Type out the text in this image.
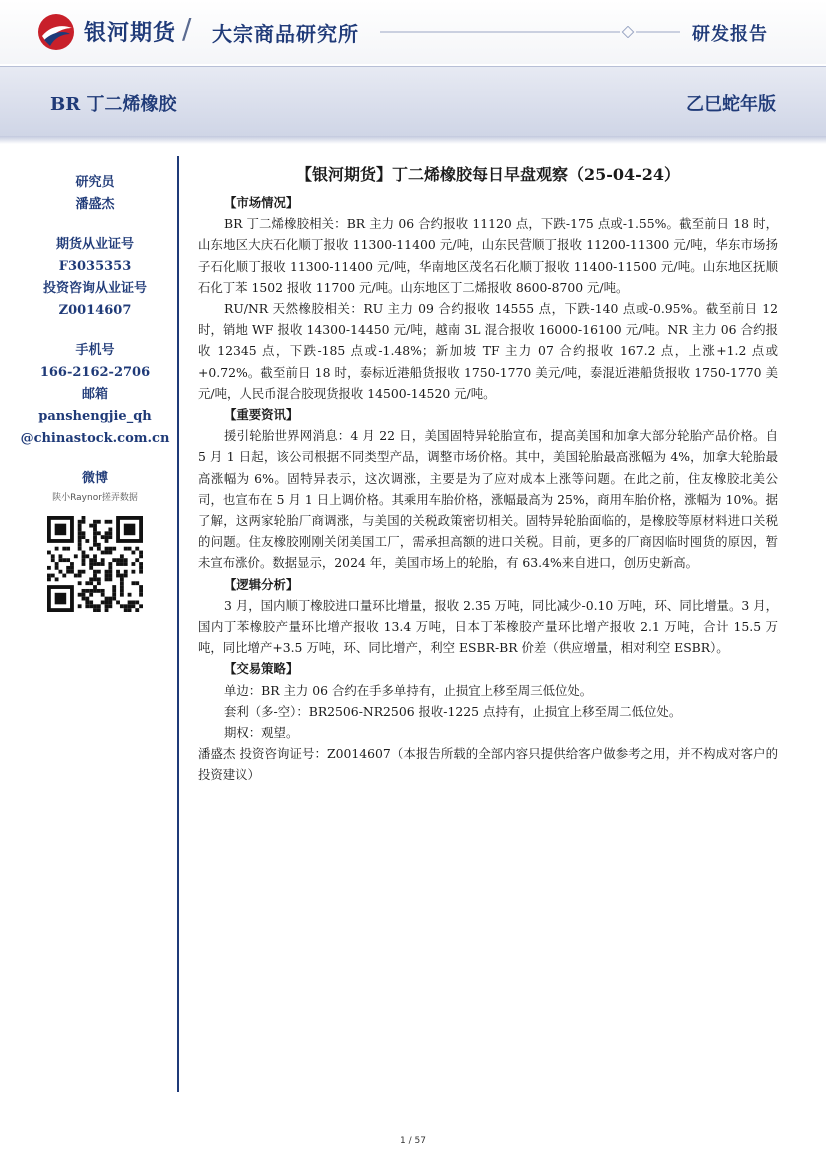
银河期货 / 大宗商品研究所	研发报告
BR 丁二烯橡胶	乙巳蛇年版
研究员
潘盛杰
期货从业证号
F3035353
投资咨询从业证号
Z0014607
手机号
166-2162-2706
邮箱
panshengjie_qh
@chinastock.com.cn
微博
陕小Raynor搓弄数据
【银河期货】丁二烯橡胶每日早盘观察（25-04-24）
【市场情况】

BR 丁二烯橡胶相关：BR 主力 06 合约报收 11120 点，下跌-175 点或-1.55%。截至前日 18 时，山东地区大庆石化顺丁报收 11300-11400 元/吨，山东民营顺丁报收 11200-11300 元/吨，华东市场扬子石化顺丁报收 11300-11400 元/吨，华南地区茂名石化顺丁报收 11400-11500 元/吨。山东地区抚顺石化丁苯 1502 报收 11700 元/吨。山东地区丁二烯报收 8600-8700 元/吨。

RU/NR 天然橡胶相关：RU 主力 09 合约报收 14555 点，下跌-140 点或-0.95%。截至前日 12 时，销地 WF 报收 14300-14450 元/吨，越南 3L 混合报收 16000-16100 元/吨。NR 主力 06 合约报收 12345 点，下跌-185 点或-1.48%；新加坡 TF 主力 07 合约报收 167.2 点，上涨+1.2 点或+0.72%。截至前日 18 时，泰标近港船货报收 1750-1770 美元/吨，泰混近港船货报收 1750-1770 美元/吨，人民币混合胶现货报收 14500-14520 元/吨。

【重要资讯】

援引轮胎世界网消息：4 月 22 日，美国固特异轮胎宣布，提高美国和加拿大部分轮胎产品价格。自 5 月 1 日起，该公司根据不同类型产品，调整市场价格。其中，美国轮胎最高涨幅为 4%，加拿大轮胎最高涨幅为 6%。固特异表示，这次调涨，主要是为了应对成本上涨等问题。在此之前，住友橡胶北美公司，也宣布在 5 月 1 日上调价格。其乘用车胎价格，涨幅最高为 25%，商用车胎价格，涨幅为 10%。据了解，这两家轮胎厂商调涨，与美国的关税政策密切相关。固特异轮胎面临的，是橡胶等原材料进口关税的问题。住友橡胶刚刚关闭美国工厂，需承担高额的进口关税。目前，更多的厂商因临时囤货的原因，暂未宣布涨价。数据显示，2024 年，美国市场上的轮胎，有 63.4%来自进口，创历史新高。

【逻辑分析】

3 月，国内顺丁橡胶进口量环比增量，报收 2.35 万吨，同比减少-0.10 万吨，环、同比增量。3 月，国内丁苯橡胶产量环比增产报收 13.4 万吨，日本丁苯橡胶产量环比增产报收 2.1 万吨，合计 15.5 万吨，同比增产+3.5 万吨，环、同比增产，利空 ESBR-BR 价差（供应增量，相对利空 ESBR）。

【交易策略】

单边：BR 主力 06 合约在手多单持有，止损宜上移至周三低位处。

套利（多-空）：BR2506-NR2506 报收-1225 点持有，止损宜上移至周二低位处。

期权：观望。

潘盛杰 投资咨询证号：Z0014607（本报告所载的全部内容只提供给客户做参考之用，并不构成对客户的投资建议）

1 / 57
